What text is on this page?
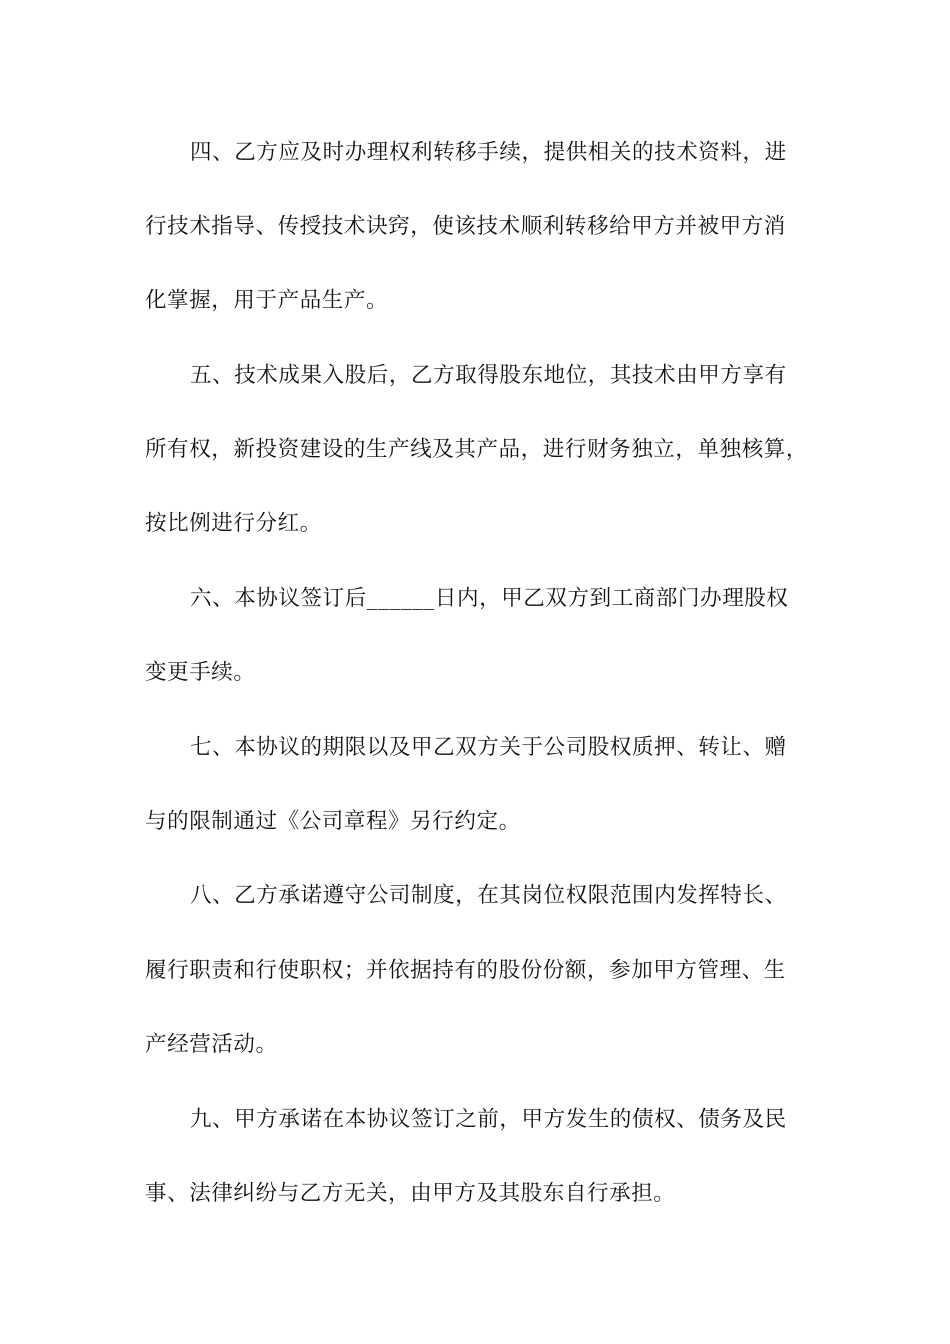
四、乙方应及时办理权利转移手续，提供相关的技术资料，进
行技术指导、传授技术诀窍，使该技术顺利转移给甲方并被甲方消
化掌握，用于产品生产。
五、技术成果入股后，乙方取得股东地位，其技术由甲方享有
所有权，新投资建设的生产线及其产品，进行财务独立，单独核算，
按比例进行分红。
六、本协议签订后______日内，甲乙双方到工商部门办理股权
变更手续。
七、本协议的期限以及甲乙双方关于公司股权质押、转让、赠
与的限制通过《公司章程》另行约定。
八、乙方承诺遵守公司制度，在其岗位权限范围内发挥特长、
履行职责和行使职权；并依据持有的股份份额，参加甲方管理、生
产经营活动。
九、甲方承诺在本协议签订之前，甲方发生的债权、债务及民
事、法律纠纷与乙方无关，由甲方及其股东自行承担。
